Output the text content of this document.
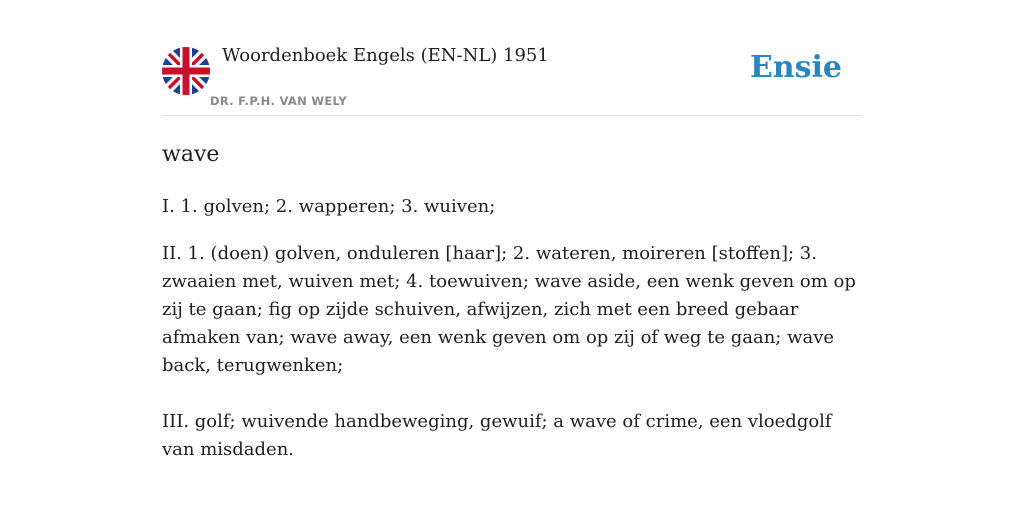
Woordenboek Engels (EN-NL) 1951
DR. F.P.H. VAN WELY
Ensie
wave

I. 1. golven; 2. wapperen; 3. wuiven;

II. 1. (doen) golven, onduleren [haar]; 2. wateren, moireren [stoffen]; 3. zwaaien met, wuiven met; 4. toewuiven; wave aside, een wenk geven om op zij te gaan; fig op zijde schuiven, afwijzen, zich met een breed gebaar afmaken van; wave away, een wenk geven om op zij of weg te gaan; wave back, terugwenken;

III. golf; wuivende handbeweging, gewuif; a wave of crime, een vloedgolf van misdaden.
